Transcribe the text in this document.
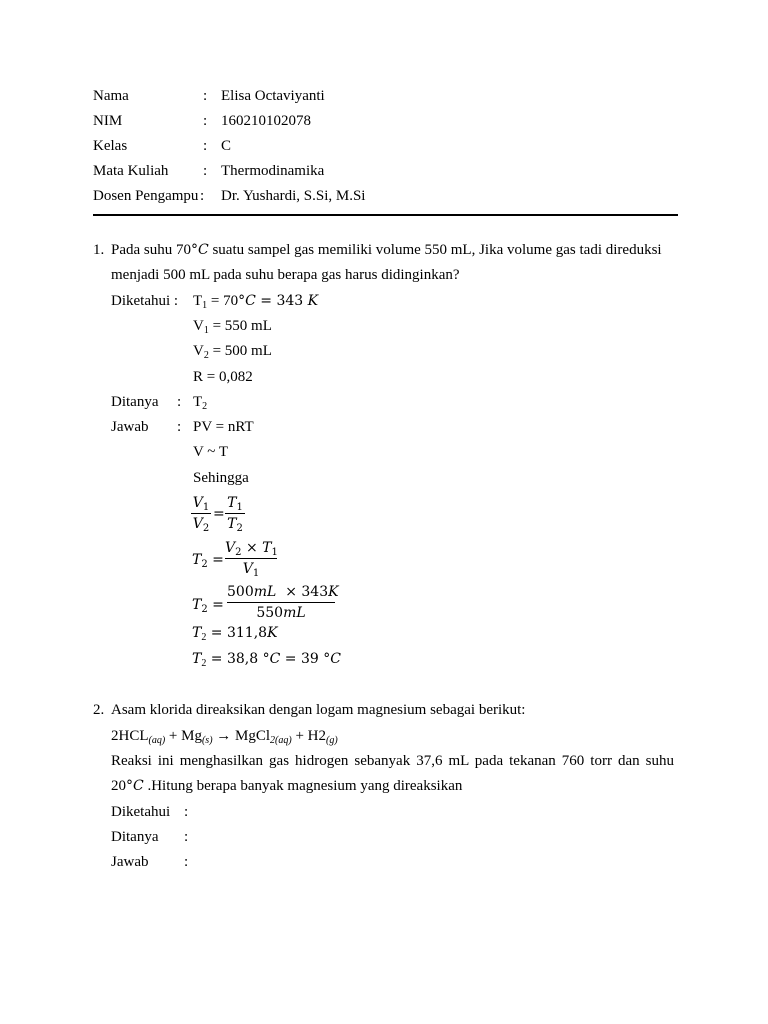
Nama	: Elisa Octaviyanti
NIM	: 160210102078
Kelas	: C
Mata Kuliah	: Thermodinamika
Dosen Pengampu : Dr. Yushardi, S.Si, M.Si
1. Pada suhu 70°C suatu sampel gas memiliki volume 550 mL, Jika volume gas tadi direduksi
menjadi 500 mL pada suhu berapa gas harus didinginkan?
Diketahui : $T_1 = 70^\circ C = 343$ K
$V_1 = 550$ mL
$V_2 = 500$ mL
R = 0,082
Ditanya : $T_2$
Jawab : PV = nRT
V ~ T
Sehingga
$V_1$
$V_2$
=
$T_1$
$T_2$
$T_2$ =
$V_2 \times T_1$
$V_1$
$T_2$ =
500mL  × 343K
550mL
$T_2 = 311,8K$
$T_2 = 38,8$ °C = 39 °C
2. Asam klorida direaksikan dengan logam magnesium sebagai berikut:
$2HCL_{(aq)} + Mg_{(s)}$ → MgCl$_{2(aq)}$ + $H2_{(g)}$
Reaksi ini menghasilkan gas hidrogen sebanyak 37,6 mL pada tekanan 760 torr dan suhu
20°C .Hitung berapa banyak magnesium yang direaksikan
Diketahui :
Ditanya :
Jawab :
